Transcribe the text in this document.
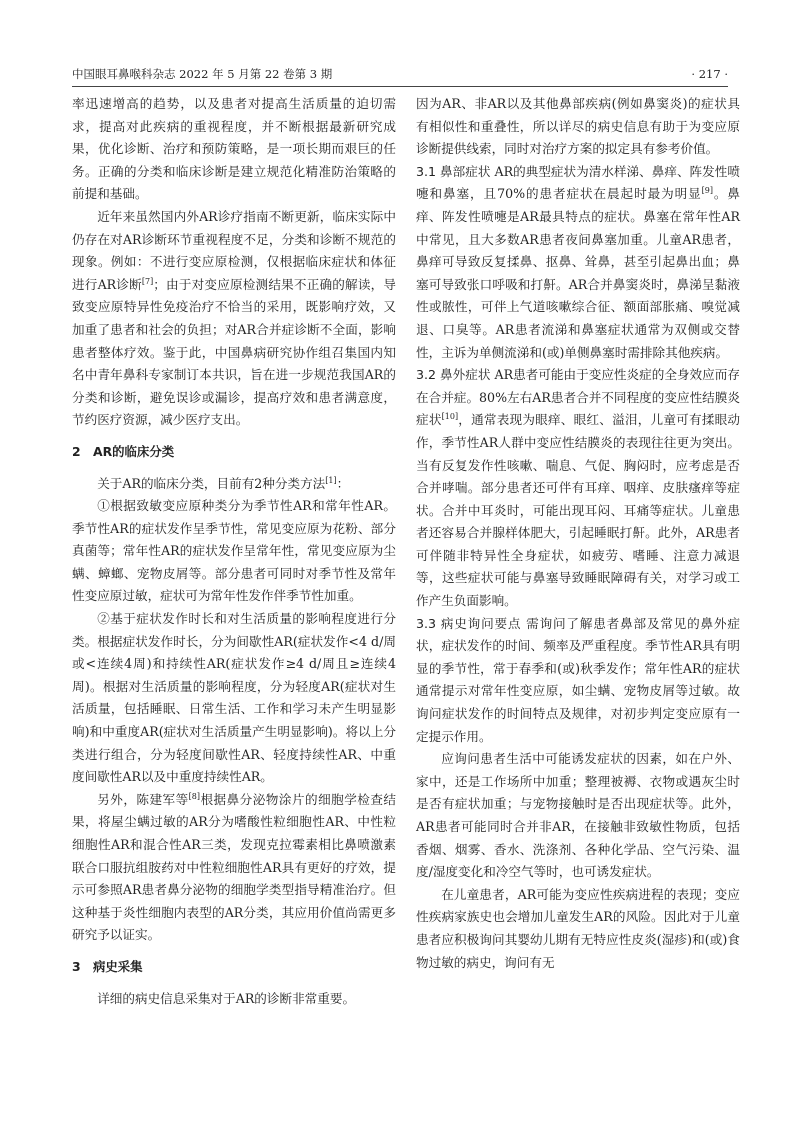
中国眼耳鼻喉科杂志 2022 年 5 月第 22 卷第 3 期	· 217 ·

率迅速增高的趋势，以及患者对提高生活质量的迫切需求，提高对此疾病的重视程度，并不断根据最新研究成果，优化诊断、治疗和预防策略，是一项长期而艰巨的任务。正确的分类和临床诊断是建立规范化精准防治策略的前提和基础。

近年来虽然国内外AR诊疗指南不断更新，临床实际中仍存在对AR诊断环节重视程度不足，分类和诊断不规范的现象。例如：不进行变应原检测，仅根据临床症状和体征进行AR诊断[7]；由于对变应原检测结果不正确的解读，导致变应原特异性免疫治疗不恰当的采用，既影响疗效，又加重了患者和社会的负担；对AR合并症诊断不全面，影响患者整体疗效。鉴于此，中国鼻病研究协作组召集国内知名中青年鼻科专家制订本共识，旨在进一步规范我国AR的分类和诊断，避免误诊或漏诊，提高疗效和患者满意度，节约医疗资源，减少医疗支出。

2 AR的临床分类

关于AR的临床分类，目前有2种分类方法[1]：

①根据致敏变应原种类分为季节性AR和常年性AR。季节性AR的症状发作呈季节性，常见变应原为花粉、部分真菌等；常年性AR的症状发作呈常年性，常见变应原为尘螨、蟑螂、宠物皮屑等。部分患者可同时对季节性及常年性变应原过敏，症状可为常年性发作伴季节性加重。

②基于症状发作时长和对生活质量的影响程度进行分类。根据症状发作时长，分为间歇性AR(症状发作<4 d/周或<连续4周)和持续性AR(症状发作≥4 d/周且≥连续4周)。根据对生活质量的影响程度，分为轻度AR(症状对生活质量，包括睡眠、日常生活、工作和学习未产生明显影响)和中重度AR(症状对生活质量产生明显影响)。将以上分类进行组合，分为轻度间歇性AR、轻度持续性AR、中重度间歇性AR以及中重度持续性AR。

另外，陈建军等[8]根据鼻分泌物涂片的细胞学检查结果，将屋尘螨过敏的AR分为嗜酸性粒细胞性AR、中性粒细胞性AR和混合性AR三类，发现克拉霉素相比鼻喷激素联合口服抗组胺药对中性粒细胞性AR具有更好的疗效，提示可参照AR患者鼻分泌物的细胞学类型指导精准治疗。但这种基于炎性细胞内表型的AR分类，其应用价值尚需更多研究予以证实。

3 病史采集

详细的病史信息采集对于AR的诊断非常重要。

因为AR、非AR以及其他鼻部疾病(例如鼻窦炎)的症状具有相似性和重叠性，所以详尽的病史信息有助于为变应原诊断提供线索，同时对治疗方案的拟定具有参考价值。

3.1 鼻部症状 AR的典型症状为清水样涕、鼻痒、阵发性喷嚏和鼻塞，且70%的患者症状在晨起时最为明显[9]。鼻痒、阵发性喷嚏是AR最具特点的症状。鼻塞在常年性AR中常见，且大多数AR患者夜间鼻塞加重。儿童AR患者，鼻痒可导致反复揉鼻、抠鼻、耸鼻，甚至引起鼻出血；鼻塞可导致张口呼吸和打鼾。AR合并鼻窦炎时，鼻涕呈黏液性或脓性，可伴上气道咳嗽综合征、额面部胀痛、嗅觉减退、口臭等。AR患者流涕和鼻塞症状通常为双侧或交替性，主诉为单侧流涕和(或)单侧鼻塞时需排除其他疾病。

3.2 鼻外症状 AR患者可能由于变应性炎症的全身效应而存在合并症。80%左右AR患者合并不同程度的变应性结膜炎症状[10]，通常表现为眼痒、眼红、溢泪，儿童可有揉眼动作，季节性AR人群中变应性结膜炎的表现往往更为突出。当有反复发作性咳嗽、喘息、气促、胸闷时，应考虑是否合并哮喘。部分患者还可伴有耳痒、咽痒、皮肤瘙痒等症状。合并中耳炎时，可能出现耳闷、耳痛等症状。儿童患者还容易合并腺样体肥大，引起睡眠打鼾。此外，AR患者可伴随非特异性全身症状，如疲劳、嗜睡、注意力减退等，这些症状可能与鼻塞导致睡眠障碍有关，对学习或工作产生负面影响。

3.3 病史询问要点 需询问了解患者鼻部及常见的鼻外症状，症状发作的时间、频率及严重程度。季节性AR具有明显的季节性，常于春季和(或)秋季发作；常年性AR的症状通常提示对常年性变应原，如尘螨、宠物皮屑等过敏。故询问症状发作的时间特点及规律，对初步判定变应原有一定提示作用。

应询问患者生活中可能诱发症状的因素，如在户外、家中，还是工作场所中加重；整理被褥、衣物或遇灰尘时是否有症状加重；与宠物接触时是否出现症状等。此外，AR患者可能同时合并非AR，在接触非致敏性物质，包括香烟、烟雾、香水、洗涤剂、各种化学品、空气污染、温度/湿度变化和冷空气等时，也可诱发症状。

在儿童患者，AR可能为变应性疾病进程的表现；变应性疾病家族史也会增加儿童发生AR的风险。因此对于儿童患者应积极询问其婴幼儿期有无特应性皮炎(湿疹)和(或)食物过敏的病史，询问有无
